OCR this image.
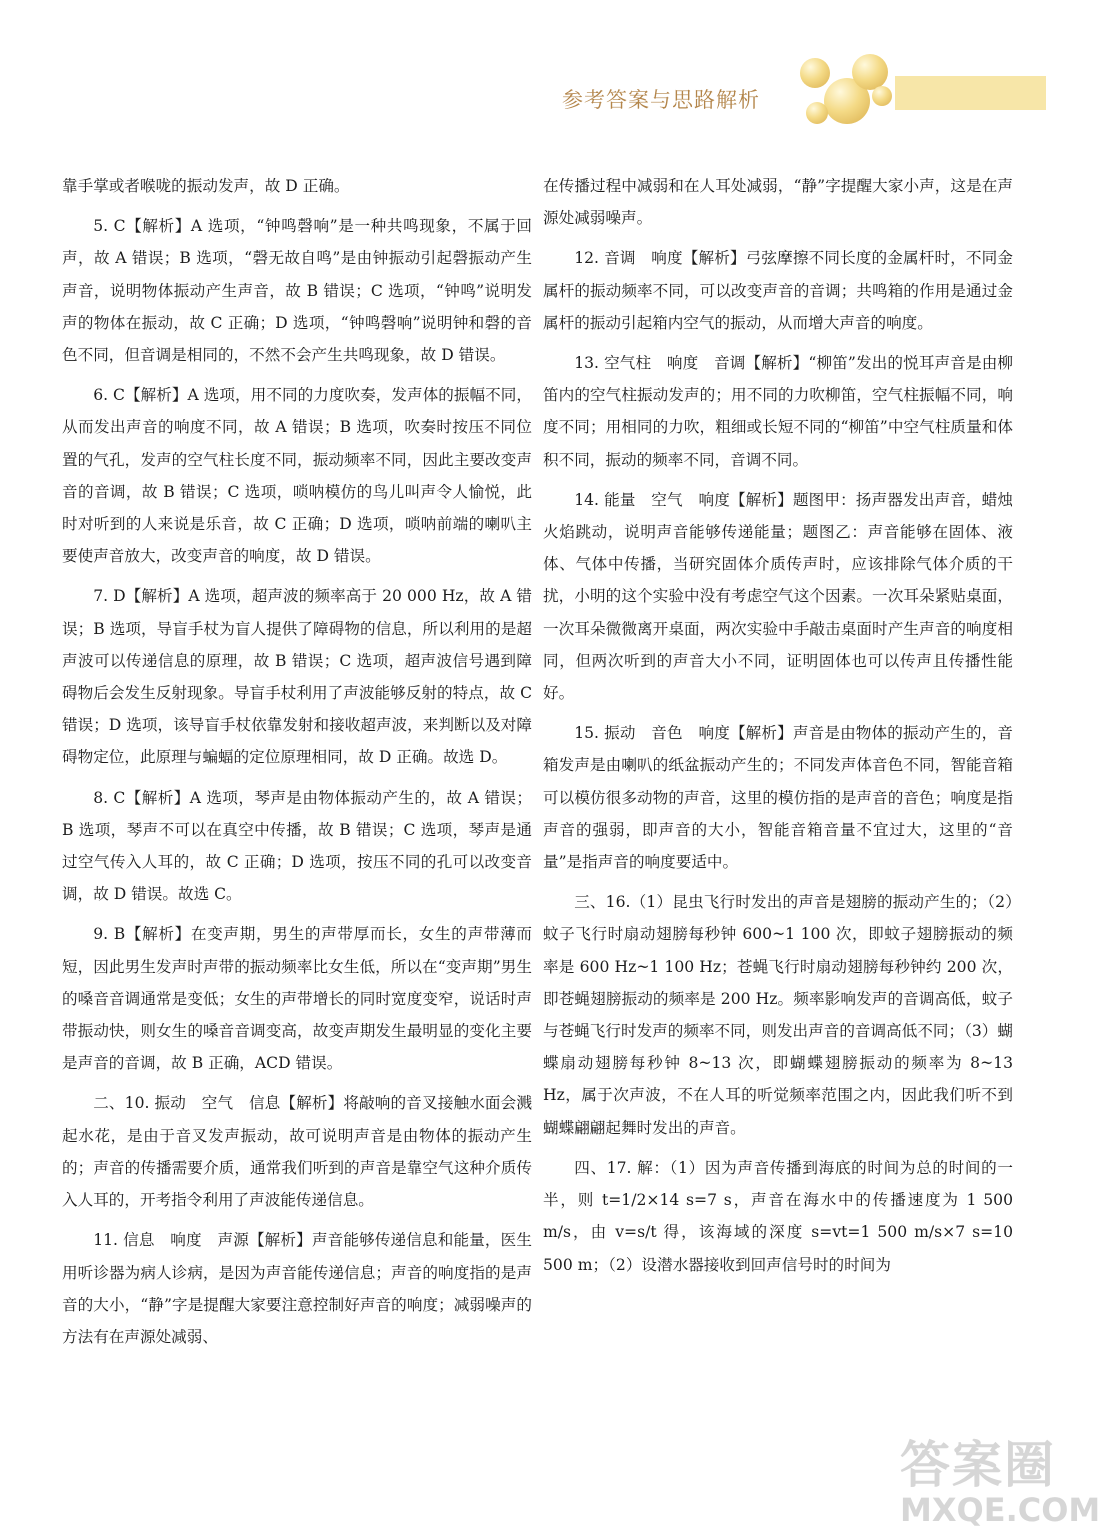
参考答案与思路解析

靠手掌或者喉咙的振动发声，故 D 正确。

5. C【解析】A 选项，“钟鸣磬响”是一种共鸣现象，不属于回声，故 A 错误；B 选项，“磬无故自鸣”是由钟振动引起磬振动产生声音，说明物体振动产生声音，故 B 错误；C 选项，“钟鸣”说明发声的物体在振动，故 C 正确；D 选项，“钟鸣磬响”说明钟和磬的音色不同，但音调是相同的，不然不会产生共鸣现象，故 D 错误。

6. C【解析】A 选项，用不同的力度吹奏，发声体的振幅不同，从而发出声音的响度不同，故 A 错误；B 选项，吹奏时按压不同位置的气孔，发声的空气柱长度不同，振动频率不同，因此主要改变声音的音调，故 B 错误；C 选项，唢呐模仿的鸟儿叫声令人愉悦，此时对听到的人来说是乐音，故 C 正确；D 选项，唢呐前端的喇叭主要使声音放大，改变声音的响度，故 D 错误。

7. D【解析】A 选项，超声波的频率高于 20 000 Hz，故 A 错误；B 选项，导盲手杖为盲人提供了障碍物的信息，所以利用的是超声波可以传递信息的原理，故 B 错误；C 选项，超声波信号遇到障碍物后会发生反射现象。导盲手杖利用了声波能够反射的特点，故 C 错误；D 选项，该导盲手杖依靠发射和接收超声波，来判断以及对障碍物定位，此原理与蝙蝠的定位原理相同，故 D 正确。故选 D。

8. C【解析】A 选项，琴声是由物体振动产生的，故 A 错误；B 选项，琴声不可以在真空中传播，故 B 错误；C 选项，琴声是通过空气传入人耳的，故 C 正确；D 选项，按压不同的孔可以改变音调，故 D 错误。故选 C。

9. B【解析】在变声期，男生的声带厚而长，女生的声带薄而短，因此男生发声时声带的振动频率比女生低，所以在“变声期”男生的嗓音音调通常是变低；女生的声带增长的同时宽度变窄，说话时声带振动快，则女生的嗓音音调变高，故变声期发生最明显的变化主要是声音的音调，故 B 正确，ACD 错误。

二、10. 振动　空气　信息【解析】将敲响的音叉接触水面会溅起水花，是由于音叉发声振动，故可说明声音是由物体的振动产生的；声音的传播需要介质，通常我们听到的声音是靠空气这种介质传入人耳的，开考指令利用了声波能传递信息。

11. 信息　响度　声源【解析】声音能够传递信息和能量，医生用听诊器为病人诊病，是因为声音能传递信息；声音的响度指的是声音的大小，“静”字是提醒大家要注意控制好声音的响度；减弱噪声的方法有在声源处减弱、

在传播过程中减弱和在人耳处减弱，“静”字提醒大家小声，这是在声源处减弱噪声。

12. 音调　响度【解析】弓弦摩擦不同长度的金属杆时，不同金属杆的振动频率不同，可以改变声音的音调；共鸣箱的作用是通过金属杆的振动引起箱内空气的振动，从而增大声音的响度。

13. 空气柱　响度　音调【解析】“柳笛”发出的悦耳声音是由柳笛内的空气柱振动发声的；用不同的力吹柳笛，空气柱振幅不同，响度不同；用相同的力吹，粗细或长短不同的“柳笛”中空气柱质量和体积不同，振动的频率不同，音调不同。

14. 能量　空气　响度【解析】题图甲：扬声器发出声音，蜡烛火焰跳动，说明声音能够传递能量；题图乙：声音能够在固体、液体、气体中传播，当研究固体介质传声时，应该排除气体介质的干扰，小明的这个实验中没有考虑空气这个因素。一次耳朵紧贴桌面，一次耳朵微微离开桌面，两次实验中手敲击桌面时产生声音的响度相同，但两次听到的声音大小不同，证明固体也可以传声且传播性能好。

15. 振动　音色　响度【解析】声音是由物体的振动产生的，音箱发声是由喇叭的纸盆振动产生的；不同发声体音色不同，智能音箱可以模仿很多动物的声音，这里的模仿指的是声音的音色；响度是指声音的强弱，即声音的大小，智能音箱音量不宜过大，这里的“音量”是指声音的响度要适中。

三、16.（1）昆虫飞行时发出的声音是翅膀的振动产生的；（2）蚊子飞行时扇动翅膀每秒钟 600~1 100 次，即蚊子翅膀振动的频率是 600 Hz~1 100 Hz；苍蝇飞行时扇动翅膀每秒钟约 200 次，即苍蝇翅膀振动的频率是 200 Hz。频率影响发声的音调高低，蚊子与苍蝇飞行时发声的频率不同，则发出声音的音调高低不同；（3）蝴蝶扇动翅膀每秒钟 8~13 次，即蝴蝶翅膀振动的频率为 8~13 Hz，属于次声波，不在人耳的听觉频率范围之内，因此我们听不到蝴蝶翩翩起舞时发出的声音。

四、17. 解：（1）因为声音传播到海底的时间为总的时间的一半，则 t=1/2×14 s=7 s，声音在海水中的传播速度为 1 500 m/s，由 v=s/t 得，该海域的深度 s=vt=1 500 m/s×7 s=10 500 m；（2）设潜水器接收到回声信号时的时间为

答案圈
MXQE.COM
